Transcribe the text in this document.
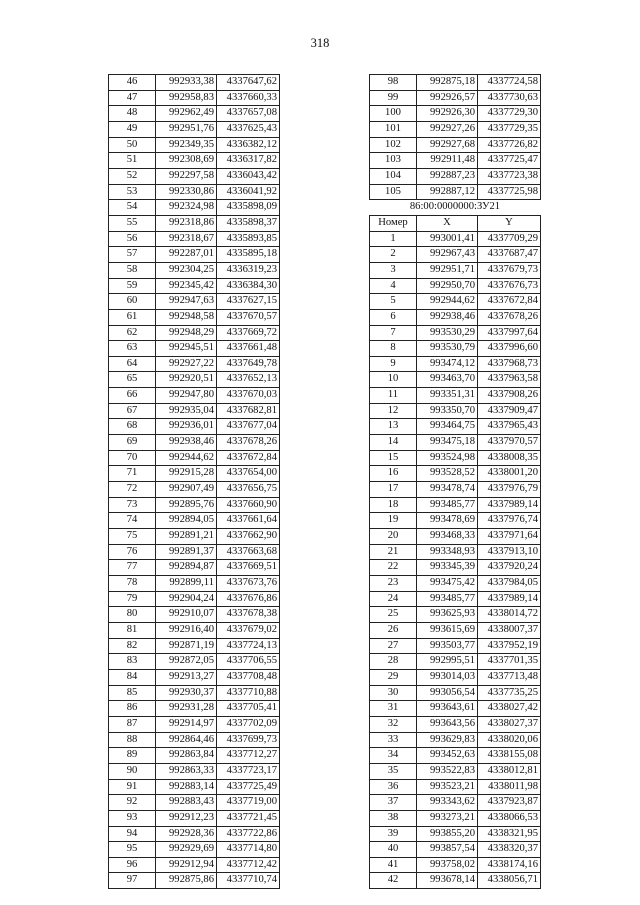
318
46	992933,38	4337647,62
47	992958,83	4337660,33
48	992962,49	4337657,08
49	992951,76	4337625,43
50	992349,35	4336382,12
51	992308,69	4336317,82
52	992297,58	4336043,42
53	992330,86	4336041,92
54	992324,98	4335898,09
55	992318,86	4335898,37
56	992318,67	4335893,85
57	992287,01	4335895,18
58	992304,25	4336319,23
59	992345,42	4336384,30
60	992947,63	4337627,15
61	992948,58	4337670,57
62	992948,29	4337669,72
63	992945,51	4337661,48
64	992927,22	4337649,78
65	992920,51	4337652,13
66	992947,80	4337670,03
67	992935,04	4337682,81
68	992936,01	4337677,04
69	992938,46	4337678,26
70	992944,62	4337672,84
71	992915,28	4337654,00
72	992907,49	4337656,75
73	992895,76	4337660,90
74	992894,05	4337661,64
75	992891,21	4337662,90
76	992891,37	4337663,68
77	992894,87	4337669,51
78	992899,11	4337673,76
79	992904,24	4337676,86
80	992910,07	4337678,38
81	992916,40	4337679,02
82	992871,19	4337724,13
83	992872,05	4337706,55
84	992913,27	4337708,48
85	992930,37	4337710,88
86	992931,28	4337705,41
87	992914,97	4337702,09
88	992864,46	4337699,73
89	992863,84	4337712,27
90	992863,33	4337723,17
91	992883,14	4337725,49
92	992883,43	4337719,00
93	992912,23	4337721,45
94	992928,36	4337722,86
95	992929,69	4337714,80
96	992912,94	4337712,42
97	992875,86	4337710,74
98	992875,18	4337724,58
99	992926,57	4337730,63
100	992926,30	4337729,30
101	992927,26	4337729,35
102	992927,68	4337726,82
103	992911,48	4337725,47
104	992887,23	4337723,38
105	992887,12	4337725,98
86:00:0000000:ЗУ21		
Номер	X	Y
1	993001,41	4337709,29
2	992967,43	4337687,47
3	992951,71	4337679,73
4	992950,70	4337676,73
5	992944,62	4337672,84
6	992938,46	4337678,26
7	993530,29	4337997,64
8	993530,79	4337996,60
9	993474,12	4337968,73
10	993463,70	4337963,58
11	993351,31	4337908,26
12	993350,70	4337909,47
13	993464,75	4337965,43
14	993475,18	4337970,57
15	993524,98	4338008,35
16	993528,52	4338001,20
17	993478,74	4337976,79
18	993485,77	4337989,14
19	993478,69	4337976,74
20	993468,33	4337971,64
21	993348,93	4337913,10
22	993345,39	4337920,24
23	993475,42	4337984,05
24	993485,77	4337989,14
25	993625,93	4338014,72
26	993615,69	4338007,37
27	993503,77	4337952,19
28	992995,51	4337701,35
29	993014,03	4337713,48
30	993056,54	4337735,25
31	993643,61	4338027,42
32	993643,56	4338027,37
33	993629,83	4338020,06
34	993452,63	4338155,08
35	993522,83	4338012,81
36	993523,21	4338011,98
37	993343,62	4337923,87
38	993273,21	4338066,53
39	993855,20	4338321,95
40	993857,54	4338320,37
41	993758,02	4338174,16
42	993678,14	4338056,71
